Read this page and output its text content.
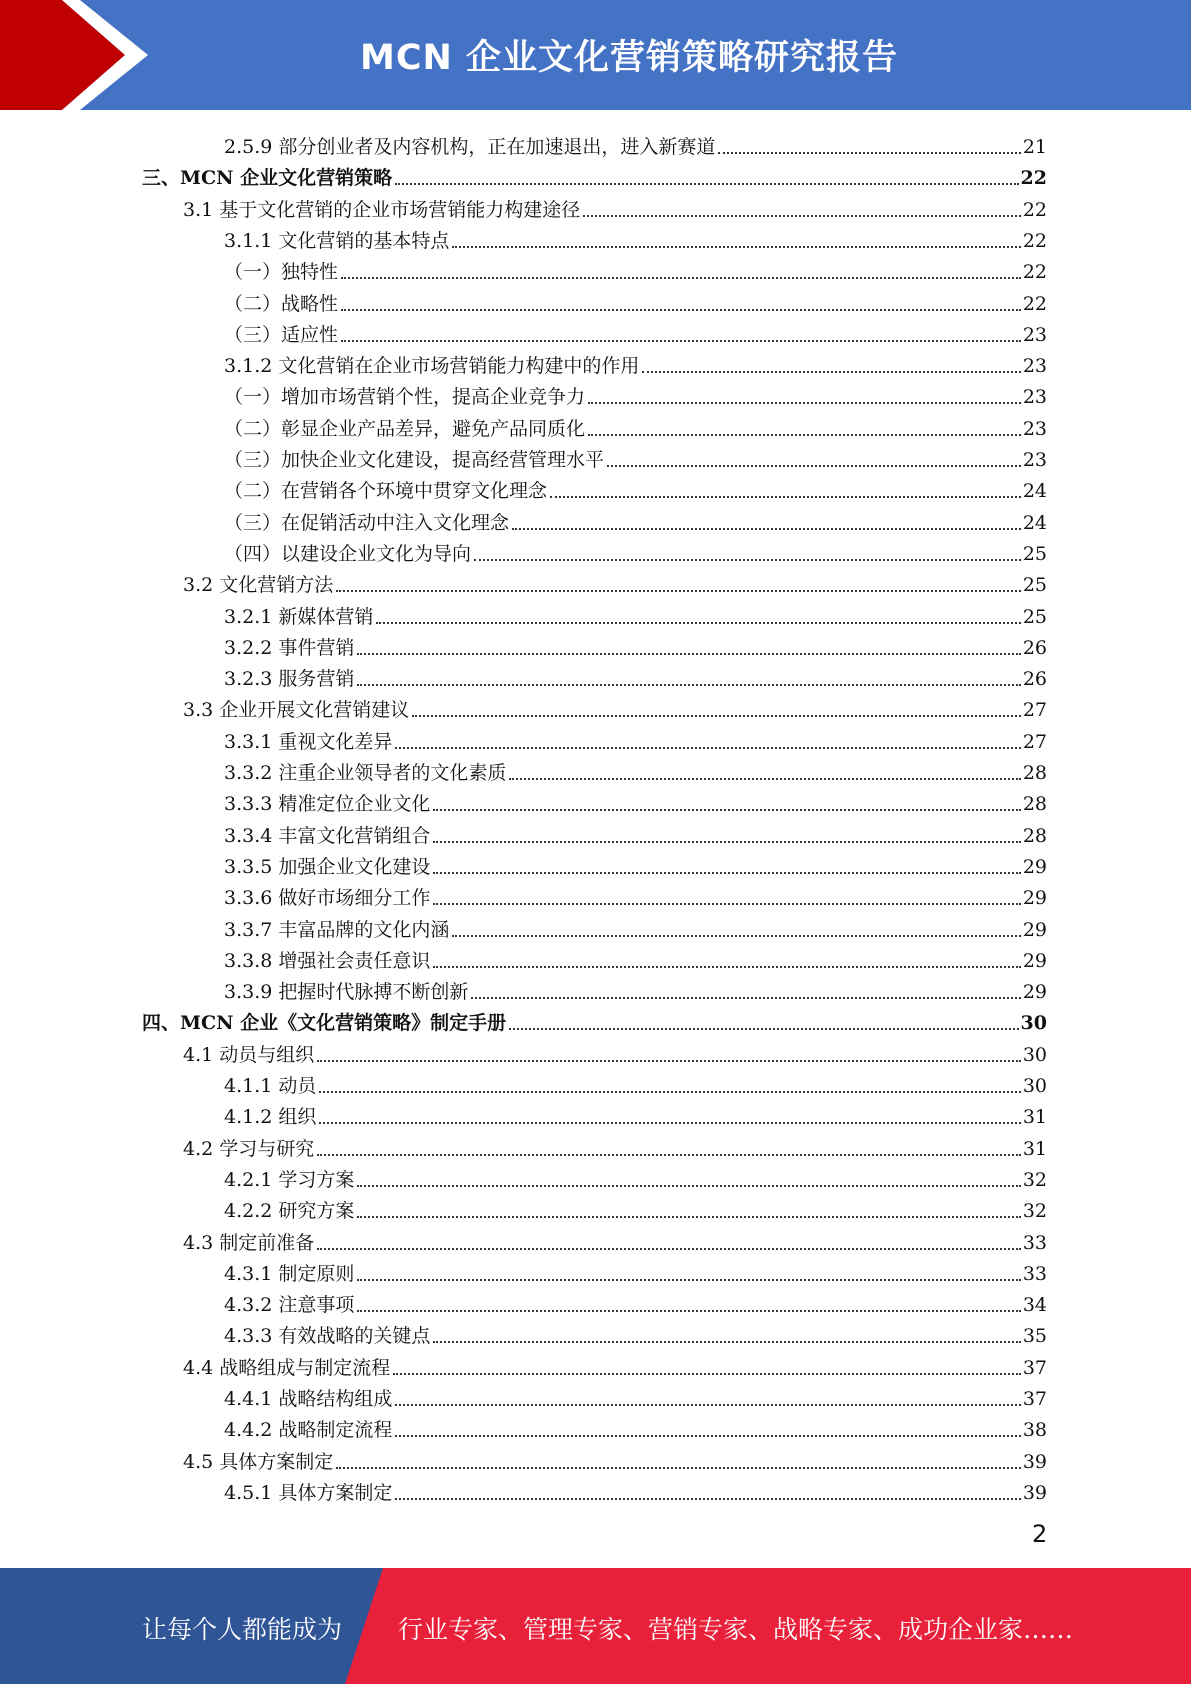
MCN 企业文化营销策略研究报告
2.5.9 部分创业者及内容机构，正在加速退出，进入新赛道	21
三、MCN 企业文化营销策略	22
3.1 基于文化营销的企业市场营销能力构建途径	22
3.1.1 文化营销的基本特点	22
（一）独特性	22
（二）战略性	22
（三）适应性	23
3.1.2 文化营销在企业市场营销能力构建中的作用	23
（一）增加市场营销个性，提高企业竞争力	23
（二）彰显企业产品差异，避免产品同质化	23
（三）加快企业文化建设，提高经营管理水平	23
（二）在营销各个环境中贯穿文化理念	24
（三）在促销活动中注入文化理念	24
（四）以建设企业文化为导向	25
3.2 文化营销方法	25
3.2.1 新媒体营销	25
3.2.2 事件营销	26
3.2.3 服务营销	26
3.3 企业开展文化营销建议	27
3.3.1 重视文化差异	27
3.3.2 注重企业领导者的文化素质	28
3.3.3 精准定位企业文化	28
3.3.4 丰富文化营销组合	28
3.3.5 加强企业文化建设	29
3.3.6 做好市场细分工作	29
3.3.7 丰富品牌的文化内涵	29
3.3.8 增强社会责任意识	29
3.3.9 把握时代脉搏不断创新	29
四、MCN 企业《文化营销策略》制定手册	30
4.1 动员与组织	30
4.1.1 动员	30
4.1.2 组织	31
4.2 学习与研究	31
4.2.1 学习方案	32
4.2.2 研究方案	32
4.3 制定前准备	33
4.3.1 制定原则	33
4.3.2 注意事项	34
4.3.3 有效战略的关键点	35
4.4 战略组成与制定流程	37
4.4.1 战略结构组成	37
4.4.2 战略制定流程	38
4.5 具体方案制定	39
4.5.1 具体方案制定	39
2
让每个人都能成为 行业专家、管理专家、营销专家、战略专家、成功企业家……
